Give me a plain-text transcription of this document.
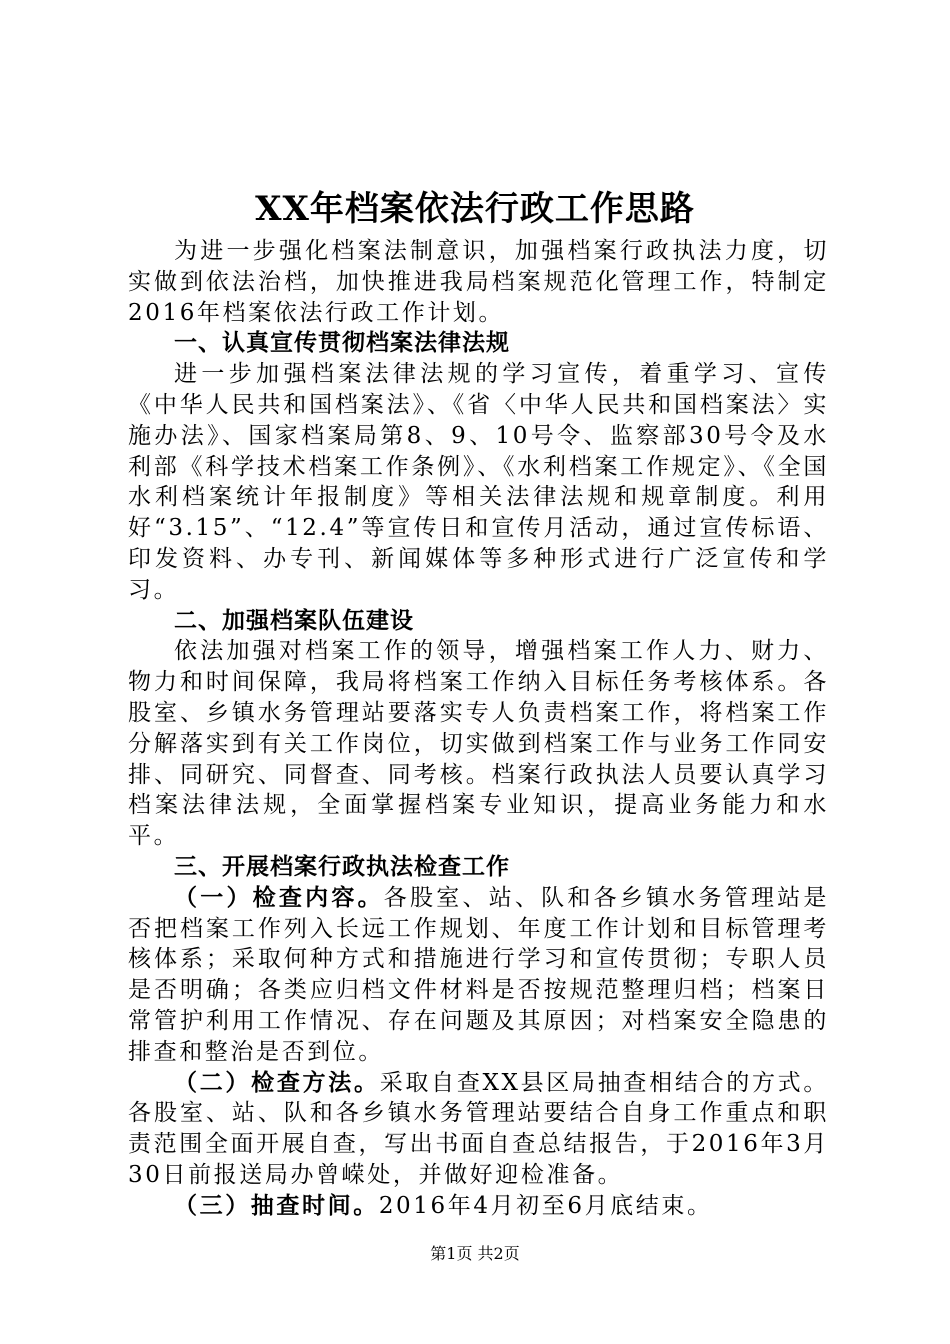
XX年档案依法行政工作思路

为进一步强化档案法制意识，加强档案行政执法力度，切实做到依法治档，加快推进我局档案规范化管理工作，特制定2016年档案依法行政工作计划。

一、认真宣传贯彻档案法律法规

进一步加强档案法律法规的学习宣传，着重学习、宣传《中华人民共和国档案法》、《省〈中华人民共和国档案法〉实施办法》、国家档案局第8、9、10号令、监察部30号令及水利部《科学技术档案工作条例》、《水利档案工作规定》、《全国水利档案统计年报制度》等相关法律法规和规章制度。利用好“3.15”、“12.4”等宣传日和宣传月活动，通过宣传标语、印发资料、办专刊、新闻媒体等多种形式进行广泛宣传和学习。

二、加强档案队伍建设

依法加强对档案工作的领导，增强档案工作人力、财力、物力和时间保障，我局将档案工作纳入目标任务考核体系。各股室、乡镇水务管理站要落实专人负责档案工作，将档案工作分解落实到有关工作岗位，切实做到档案工作与业务工作同安排、同研究、同督查、同考核。档案行政执法人员要认真学习档案法律法规，全面掌握档案专业知识，提高业务能力和水平。

三、开展档案行政执法检查工作

（一）检查内容。各股室、站、队和各乡镇水务管理站是否把档案工作列入长远工作规划、年度工作计划和目标管理考核体系；采取何种方式和措施进行学习和宣传贯彻；专职人员是否明确；各类应归档文件材料是否按规范整理归档；档案日常管护利用工作情况、存在问题及其原因；对档案安全隐患的排查和整治是否到位。

（二）检查方法。采取自查XX县区局抽查相结合的方式。各股室、站、队和各乡镇水务管理站要结合自身工作重点和职责范围全面开展自查，写出书面自查总结报告，于2016年3月30日前报送局办曾嵘处，并做好迎检准备。

（三）抽查时间。2016年4月初至6月底结束。

第1页 共2页
